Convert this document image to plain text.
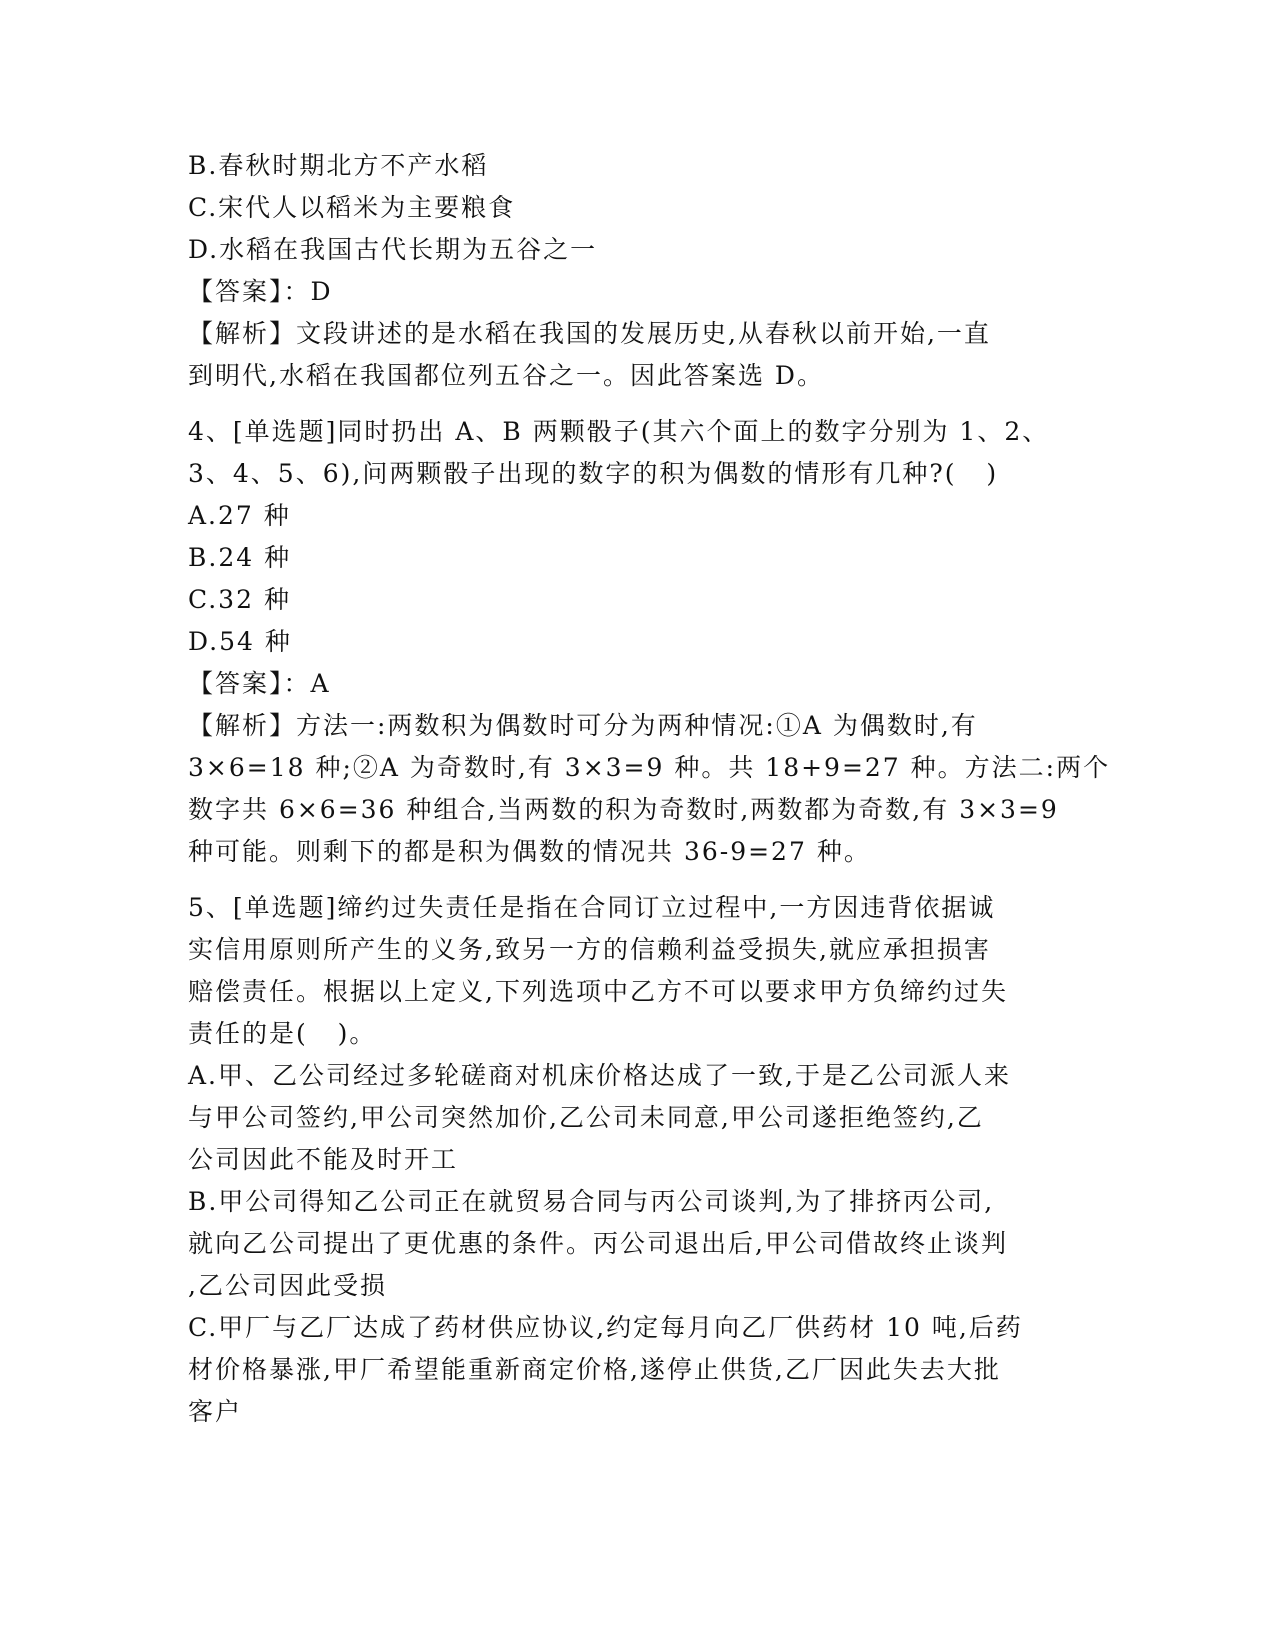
B.春秋时期北方不产水稻
C.宋代人以稻米为主要粮食
D.水稻在我国古代长期为五谷之一
【答案】：D
【解析】文段讲述的是水稻在我国的发展历史,从春秋以前开始,一直
到明代,水稻在我国都位列五谷之一。因此答案选 D。
4、[单选题]同时扔出 A、B 两颗骰子(其六个面上的数字分别为 1、2、
3、4、5、6),问两颗骰子出现的数字的积为偶数的情形有几种?(   )
A.27 种
B.24 种
C.32 种
D.54 种
【答案】：A
【解析】方法一:两数积为偶数时可分为两种情况:①A 为偶数时,有
3×6=18 种;②A 为奇数时,有 3×3=9 种。共 18+9=27 种。方法二:两个
数字共 6×6=36 种组合,当两数的积为奇数时,两数都为奇数,有 3×3=9
种可能。则剩下的都是积为偶数的情况共 36-9=27 种。
5、[单选题]缔约过失责任是指在合同订立过程中,一方因违背依据诚
实信用原则所产生的义务,致另一方的信赖利益受损失,就应承担损害
赔偿责任。根据以上定义,下列选项中乙方不可以要求甲方负缔约过失
责任的是(   )。
A.甲、乙公司经过多轮磋商对机床价格达成了一致,于是乙公司派人来
与甲公司签约,甲公司突然加价,乙公司未同意,甲公司遂拒绝签约,乙
公司因此不能及时开工
B.甲公司得知乙公司正在就贸易合同与丙公司谈判,为了排挤丙公司,
就向乙公司提出了更优惠的条件。丙公司退出后,甲公司借故终止谈判
,乙公司因此受损
C.甲厂与乙厂达成了药材供应协议,约定每月向乙厂供药材 10 吨,后药
材价格暴涨,甲厂希望能重新商定价格,遂停止供货,乙厂因此失去大批
客户
